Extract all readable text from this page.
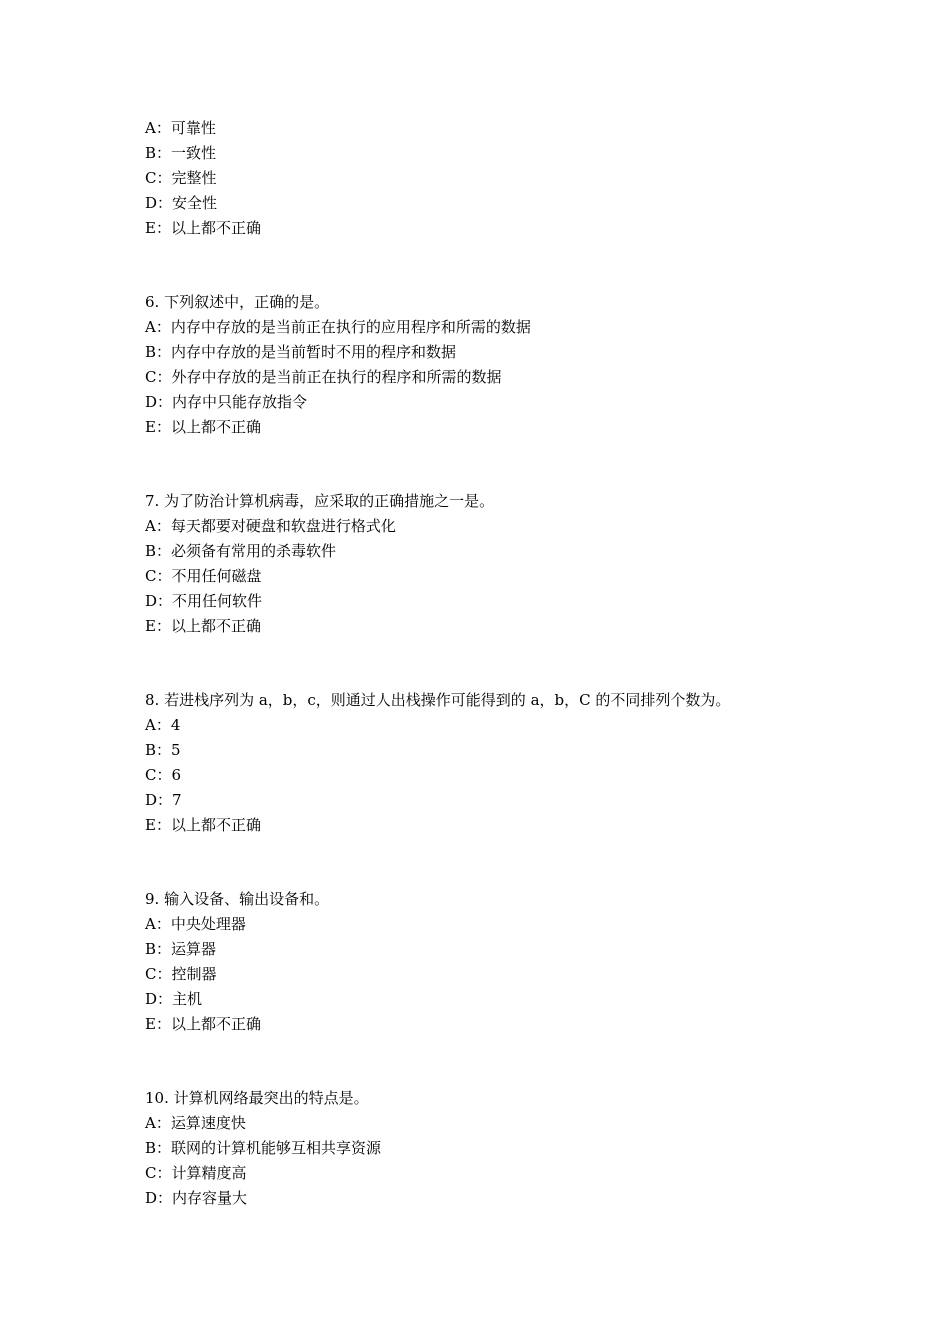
A：可靠性
B：一致性
C：完整性
D：安全性
E：以上都不正确
6. 下列叙述中，正确的是。
A：内存中存放的是当前正在执行的应用程序和所需的数据
B：内存中存放的是当前暂时不用的程序和数据
C：外存中存放的是当前正在执行的程序和所需的数据
D：内存中只能存放指令
E：以上都不正确
7. 为了防治计算机病毒，应采取的正确措施之一是。
A：每天都要对硬盘和软盘进行格式化
B：必须备有常用的杀毒软件
C：不用任何磁盘
D：不用任何软件
E：以上都不正确
8. 若进栈序列为 a，b，c，则通过人出栈操作可能得到的 a，b，C 的不同排列个数为。
A：4
B：5
C：6
D：7
E：以上都不正确
9. 输入设备、输出设备和。
A：中央处理器
B：运算器
C：控制器
D：主机
E：以上都不正确
10. 计算机网络最突出的特点是。
A：运算速度快
B：联网的计算机能够互相共享资源
C：计算精度高
D：内存容量大
